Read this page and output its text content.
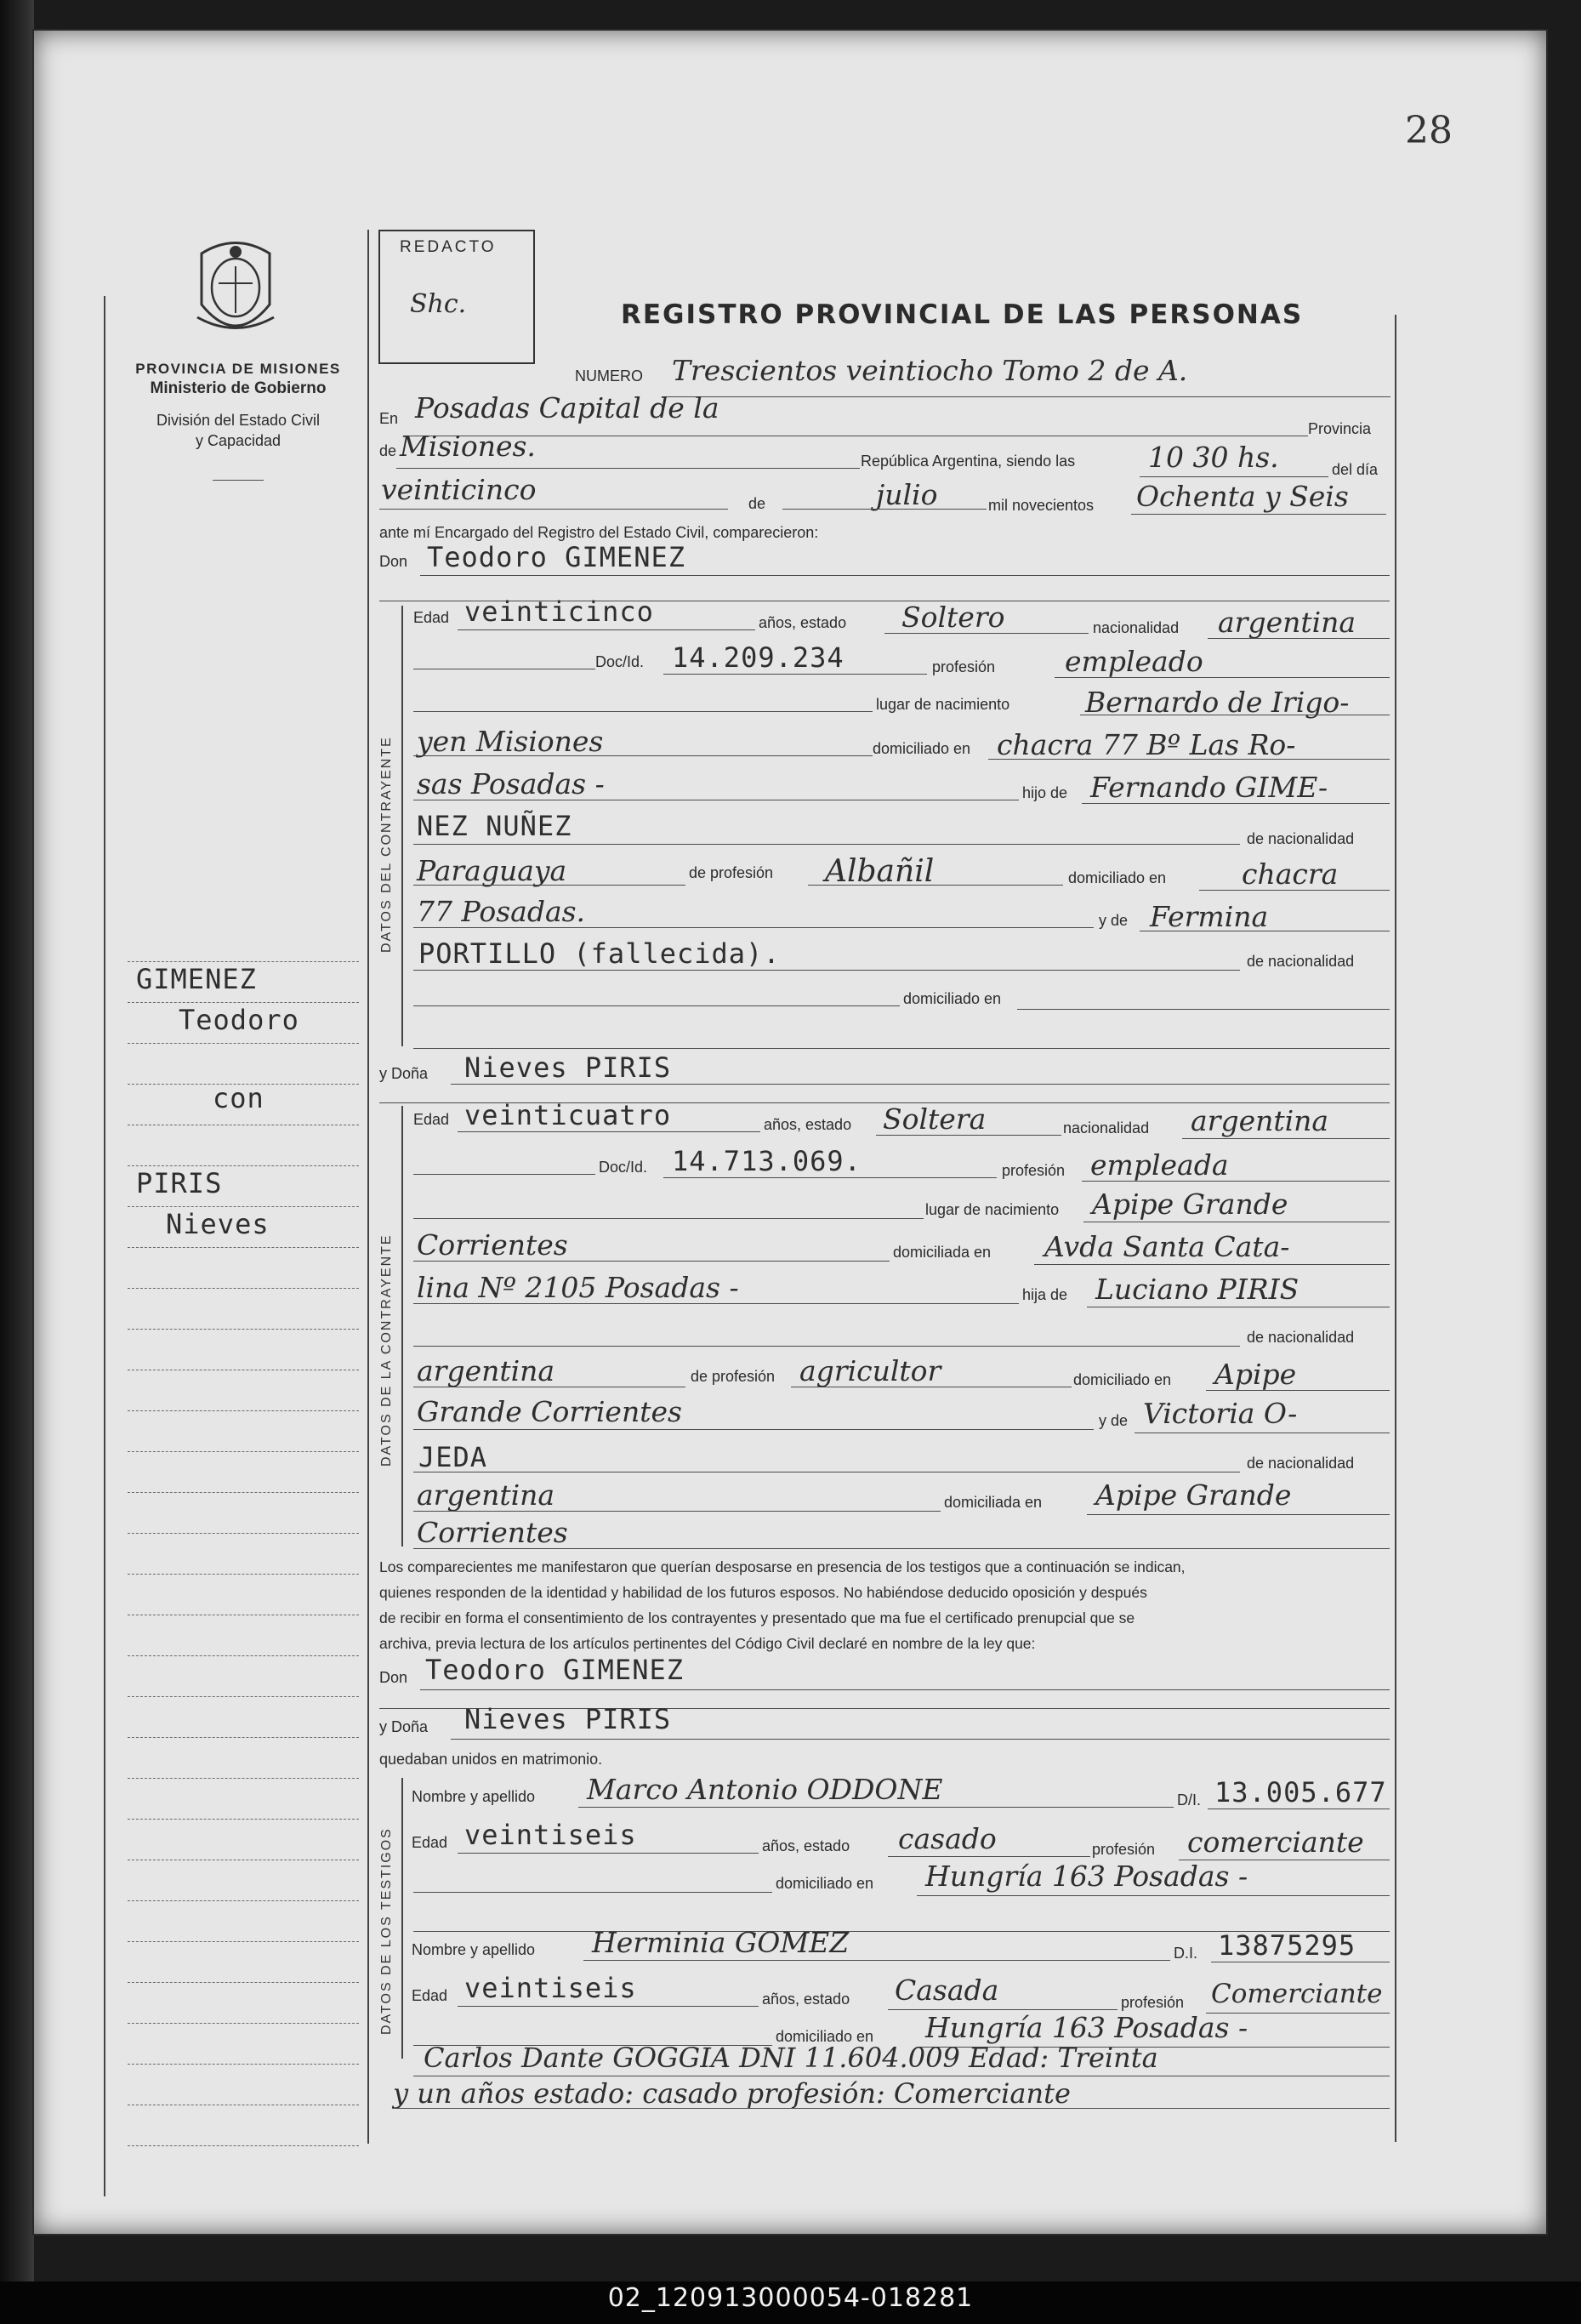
28
PROVINCIA DE MISIONES
Ministerio de Gobierno
División del Estado Civil
y Capacidad
REDACTO
Shc.	REGISTRO PROVINCIAL DE LAS PERSONAS
GIMENEZ
Teodoro
con
PIRIS
Nieves
NUMERO Trescientos veintiocho Tomo 2 de A.
En Posadas Capital de la
Provincia
de Misiones.	República Argentina, siendo las	10 30 hs.	del día
veinticinco	de	julio	mil novecientos Ochenta y Seis
ante mí Encargado del Registro del Estado Civil, comparecieron:
Don Teodoro GIMENEZ
DATOS DEL CONTRAYENTE
Edad veinticinco	años, estado Soltero	nacionalidad argentina
Doc/Id. 14.209.234	profesión empleado
lugar de nacimiento	Bernardo de Irigo-
yen Misiones	domiciliado en chacra 77 Bº Las Ro-
sas Posadas -	hijo de Fernando GIME-
NEZ NUÑEZ	de nacionalidad
Paraguaya	de profesión Albañil	domiciliado en	chacra
77 Posadas.	y de Fermina
PORTILLO (fallecida).	de nacionalidad
domiciliado en
y Doña Nieves PIRIS
DATOS DE LA CONTRAYENTE
Edad veinticuatro	años, estado Soltera	nacionalidad argentina
Doc/Id. 14.713.069.	profesión empleada
lugar de nacimiento Apipe Grande
Corrientes	domiciliada en Avda Santa Cata-
lina Nº 2105 Posadas -	hija de Luciano PIRIS
de nacionalidad
argentina	de profesión agricultor	domiciliado en Apipe
Grande Corrientes	y de Victoria O-
JEDA	de nacionalidad
argentina	domiciliada en Apipe Grande
Corrientes
Los comparecientes me manifestaron que querían desposarse en presencia de los testigos que a continuación se indican,
quienes responden de la identidad y habilidad de los futuros esposos. No habiéndose deducido oposición y después
de recibir en forma el consentimiento de los contrayentes y presentado que ma fue el certificado prenupcial que se
archiva, previa lectura de los artículos pertinentes del Código Civil declaré en nombre de la ley que:
Don Teodoro GIMENEZ
y Doña Nieves PIRIS
quedaban unidos en matrimonio.
DATOS DE LOS TESTIGOS
Nombre y apellido Marco Antonio ODDONE	D/I. 13.005.677
Edad veintiseis	años, estado casado	profesión comerciante
domiciliado en Hungría 163 Posadas -
Nombre y apellido Herminia GOMEZ	D.I. 13875295
Edad veintiseis	años, estado Casada	profesión Comerciante
domiciliado en Hungría 163 Posadas -
Carlos Dante GOGGIA DNI 11.604.009 Edad: Treinta
y un años estado: casado profesión: Comerciante
02_120913000054-018281
